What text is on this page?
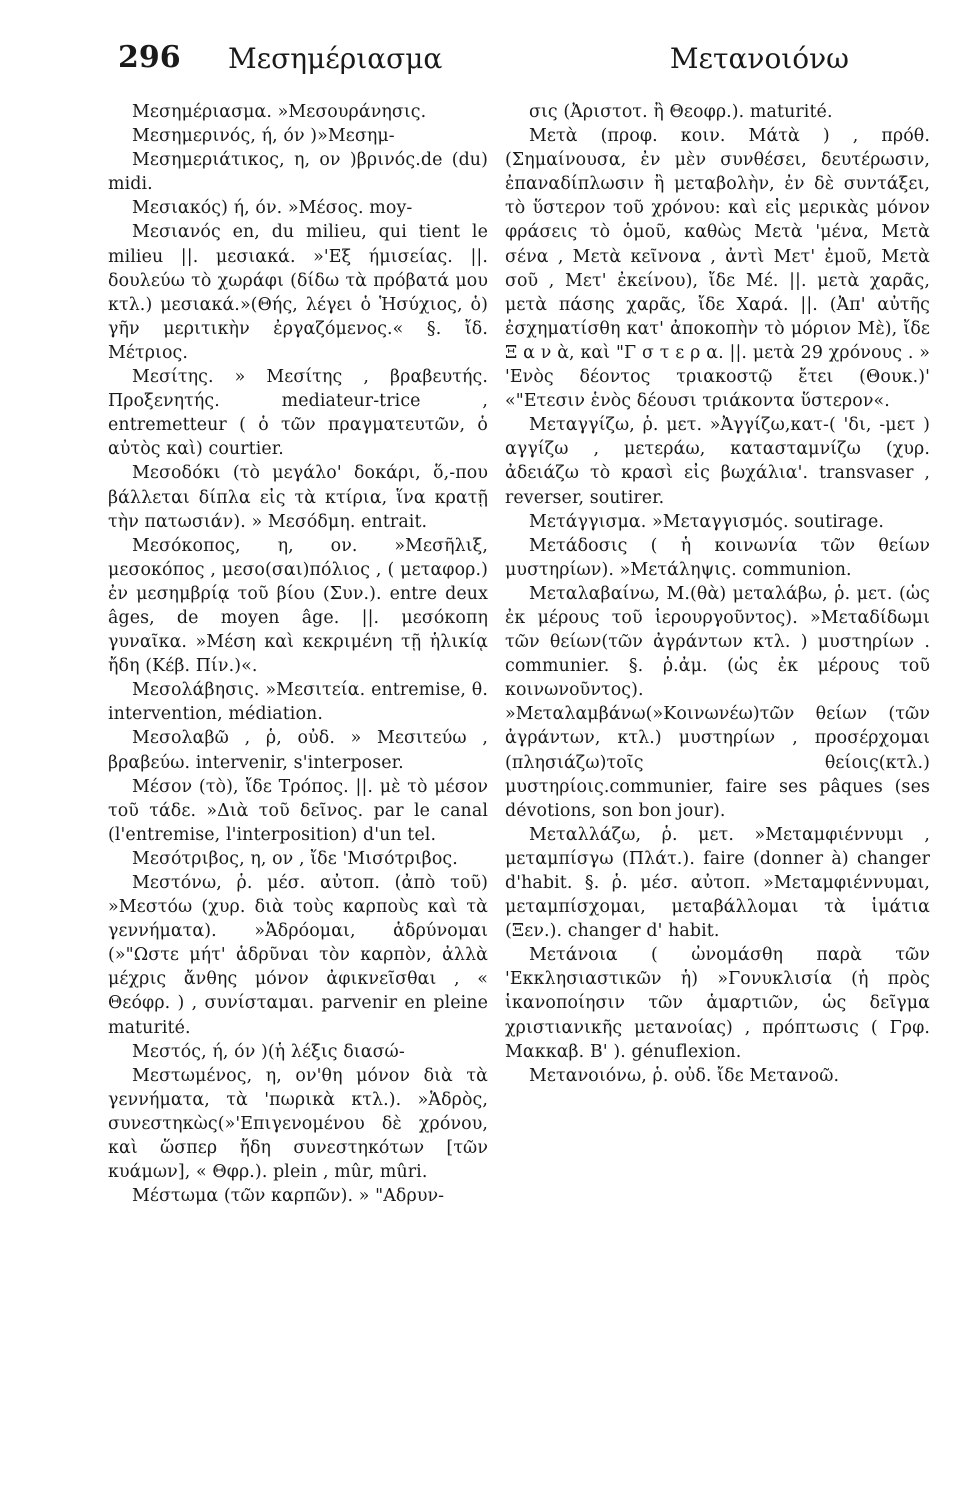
296 Μεσημέριασμα	Μετανοιόνω

Μεσημέριασμα. »Μεσουράνησις.

Μεσημερινός, ή, όν )»Μεσημ-

Μεσημεριάτικος, η, ον )βρινός.de (du) midi.

Μεσιακός) ή, όν. »Μέσος. moy-

Μεσιανός en, du milieu, qui tient le milieu ||. μεσιακά. »'Εξ ήμισείας. ||. δουλεύω τὸ χωράφι (δίδω τὰ πρόβατά μου κτλ.) μεσιακά.»(Θής, λέγει ὁ Ἡσύχιος, ὁ) γῆν μεριτικὴν ἐργαζόμενος.« §. ἴδ. Μέτριος.

Μεσίτης. » Μεσίτης , βραβευτής. Προξενητής. mediateur-trice , entremetteur ( ὁ τῶν πραγματευτῶν, ὁ αὐτὸς καὶ) courtier.

Μεσοδόκι (τὸ μεγάλο' δοκάρι, ὅ,-που βάλλεται δίπλα εἰς τὰ κτίρια, ἵνα κρατῇ τὴν πατωσιάν). » Μεσόδμη. entrait.

Μεσόκοπος, η, ον. »Μεσῆλιξ, μεσοκόπος , μεσο(σαι)πόλιος , ( μεταφορ.) ἐν μεσημβρίᾳ τοῦ βίου (Συν.). entre deux âges, de moyen âge. ||. μεσόκοπη γυναῖκα. »Μέση καὶ κεκριμένη τῇ ἡλικίᾳ ἤδη (Κέβ. Πίν.)«.

Μεσολάβησις. »Μεσιτεία. entremise, θ. intervention, médiation.

Μεσολαβῶ , ῥ, οὐδ. » Μεσιτεύω , βραβεύω. intervenir, s'interposer.

Μέσον (τὸ), ἴδε Τρόπος. ||. μὲ τὸ μέσον τοῦ τάδε. »Διὰ τοῦ δεῖνος. par le canal (l'entremise, l'interposition) d'un tel.

Μεσότριβος, η, ον , ἴδε 'Μισότριβος.

Μεστόνω, ῥ. μέσ. αὐτοπ. (ἀπὸ τοῦ) »Μεστόω (χυρ. διὰ τοὺς καρποὺς καὶ τὰ γεννήματα). »Ἁδρόομαι, ἁδρύνομαι (»"Ωστε μήτ' ἁδρῦναι τὸν καρπὸν, ἀλλὰ μέχρις ἄνθης μόνον ἀφικνεῖσθαι , « Θεόφρ. ) , συνίσταμαι. parvenir en pleine maturité.

Μεστός, ή, όν )(ἡ λέξις διασώ-

Μεστωμένος, η, ον'θη μόνον διὰ τὰ γεννήματα, τὰ 'πωρικὰ κτλ.). »Ἁδρὸς, συνεστηκὼς(»'Επιγενομένου δὲ χρόνου, καὶ ὥσπερ ἤδη συνεστηκότων [τῶν κυάμων], « Θφρ.). plein , mûr, mûri.

Μέστωμα (τῶν καρπῶν). » "Αδρυν-

σις (Ἀριστοτ. ἢ Θεοφρ.). maturité.

Μετὰ (προφ. κοιν. Μάτὰ ) , πρόθ. (Σημαίνουσα, ἐν μὲν συνθέσει, δευτέρωσιν, ἐπαναδίπλωσιν ἢ μεταβολὴν, ἐν δὲ συντάξει, τὸ ὕστερον τοῦ χρόνου: καὶ εἰς μερικὰς μόνον φράσεις τὸ ὁμοῦ, καθὼς Μετὰ 'μένα, Μετὰ σένα , Μετὰ κεῖνονα , ἀντὶ Μετ' ἐμοῦ, Μετὰ σοῦ , Μετ' ἐκείνου), ἴδε Μέ. ||. μετὰ χαρᾶς, μετὰ πάσης χαρᾶς, ἴδε Χαρά. ||. (Ἀπ' αὐτῆς ἐσχηματίσθη κατ' ἀποκοπὴν τὸ μόριον Μὲ), ἴδε Ξ α ν ὰ, καὶ "Γ σ τ ε ρ α. ||. μετὰ 29 χρόνους . » 'Ενὸς δέοντος τριακοστῷ ἔτει (Θουκ.)' «"Ετεσιν ἑνὸς δέουσι τριάκοντα ὕστερον«.

Μεταγγίζω, ῥ. μετ. »Ἀγγίζω,κατ-( 'δι, -μετ ) αγγίζω , μετεράω, κατασταμνίζω (χυρ. ἀδειάζω τὸ κρασὶ εἰς βωχάλια'. transvaser , reverser, soutirer.

Μετάγγισμα. »Μεταγγισμός. soutirage.

Μετάδοσις ( ἡ κοινωνία τῶν θείων μυστηρίων). »Μετάληψις. communion.

Μεταλαβαίνω, Μ.(θὰ) μεταλάβω, ῥ. μετ. (ὡς ἐκ μέρους τοῦ ἱερουργοῦντος). »Μεταδίδωμι τῶν θείων(τῶν ἀγράντων κτλ. ) μυστηρίων . communier. §. ῥ.ἀμ. (ὡς ἐκ μέρους τοῦ κοινωνοῦντος). »Μεταλαμβάνω(»Κοινωνέω)τῶν θείων (τῶν ἀγράντων, κτλ.) μυστηρίων , προσέρχομαι (πλησιάζω)τοῖς θείοις(κτλ.) μυστηρίοις.communier, faire ses pâques (ses dévotions, son bon jour).

Μεταλλάζω, ῥ. μετ. »Μεταμφιέννυμι , μεταμπίσγω (Πλάτ.). faire (donner à) changer d'habit. §. ῥ. μέσ. αὐτοπ. »Μεταμφιέννυμαι, μεταμπίσχομαι, μεταβάλλομαι τὰ ἱμάτια (Ξεν.). changer d' habit.

Μετάνοια ( ὠνομάσθη παρὰ τῶν 'Εκκλησιαστικῶν ἡ) »Γονυκλισία (ἡ πρὸς ἱκανοποίησιν τῶν ἁμαρτιῶν, ὡς δεῖγμα χριστιανικῆς μετανοίας) , πρόπτωσις ( Γρφ. Μακκαβ. Β' ). génuflexion.

Μετανοιόνω, ῥ. οὐδ. ἴδε Μετανοῶ.
